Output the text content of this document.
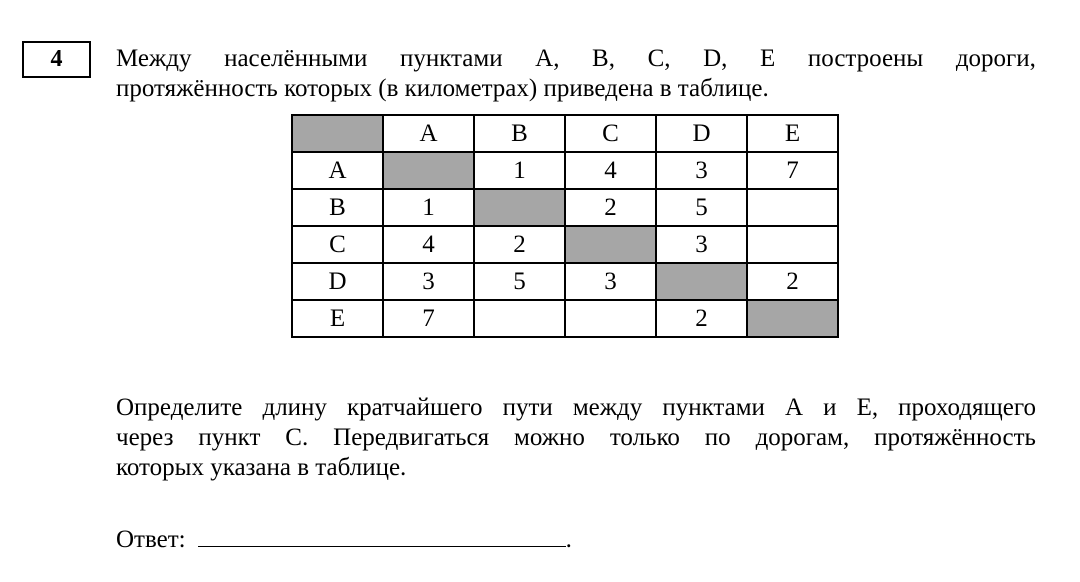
4 Между населёнными пунктами A, B, C, D, E построены дороги,
протяжённость которых (в километрах) приведена в таблице.
	A	B	C	D	E
A		1	4	3	7
B	1		2	5	
C	4	2		3	
D	3	5	3		2
E	7			2	
Определите длину кратчайшего пути между пунктами A и E, проходящего
через пункт C. Передвигаться можно только по дорогам, протяжённость
которых указана в таблице.
Ответ:	.
